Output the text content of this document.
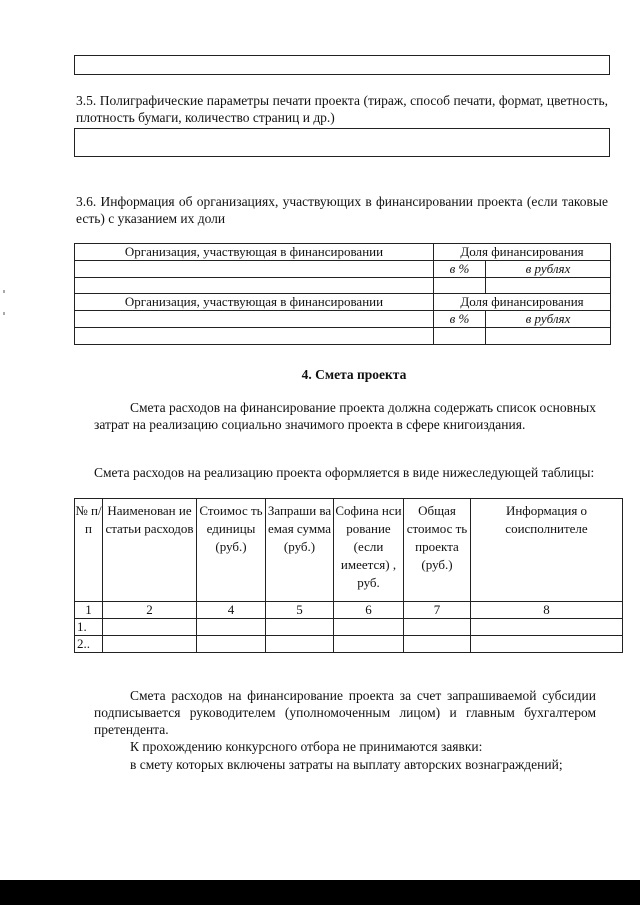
3.5. Полиграфические параметры печати проекта (тираж, способ печати, формат, цветность, плотность бумаги, количество страниц и др.)
3.6. Информация об организациях, участвующих в финансировании проекта (если таковые есть) с указанием их доли
Организация, участвующая в финансировании	Доля финансирования	
	в %	в рублях

Организация, участвующая в финансировании	Доля финансирования	
	в %	в рублях

4. Смета проекта
Смета расходов на финансирование проекта должна содержать список основных затрат на реализацию социально значимого проекта в сфере книгоиздания.
Смета расходов на реализацию проекта оформляется в виде нижеследующей таблицы:
№ п/п	Наименован ие статьи расходов	Стоимос ть единицы (руб.)	Запраши ва емая сумма (руб.)	Софина нси рование (если имеется) , руб.	Общая стоимос ть проекта (руб.)	Информация о соисполнителе
1	2	4	5	6	7	8
1.						
2..						
Смета расходов на финансирование проекта за счет запрашиваемой субсидии подписывается руководителем (уполномоченным лицом) и главным бухгалтером претендента.
К прохождению конкурсного отбора не принимаются заявки:
в смету которых включены затраты на выплату авторских вознаграждений;
